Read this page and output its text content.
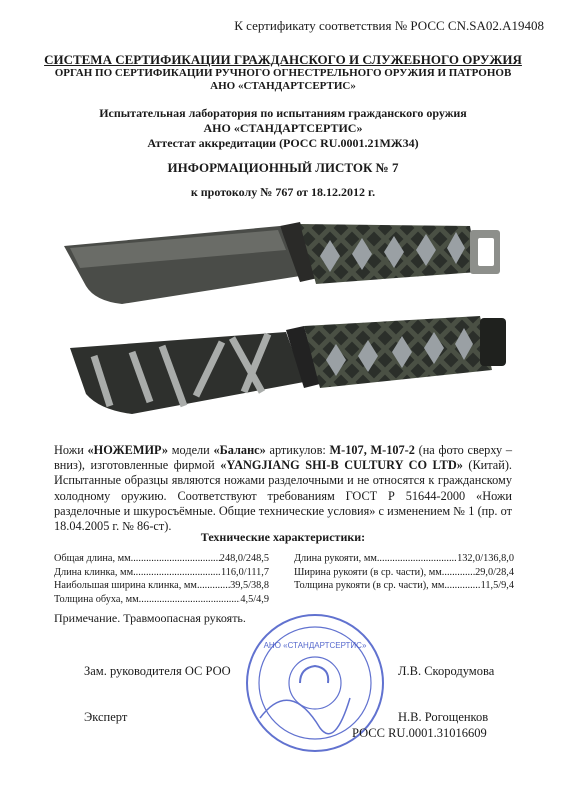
К сертификату соответствия № РОСС CN.SA02.A19408
СИСТЕМА СЕРТИФИКАЦИИ ГРАЖДАНСКОГО И СЛУЖЕБНОГО ОРУЖИЯ
ОРГАН ПО СЕРТИФИКАЦИИ РУЧНОГО ОГНЕСТРЕЛЬНОГО ОРУЖИЯ И ПАТРОНОВ
АНО «СТАНДАРТСЕРТИС»
Испытательная лаборатория по испытаниям гражданского оружия
АНО «СТАНДАРТСЕРТИС»
Аттестат аккредитации (РОСС RU.0001.21МЖ34)
ИНФОРМАЦИОННЫЙ ЛИСТОК № 7
к протоколу № 767 от 18.12.2012 г.
Ножи «НОЖЕМИР» модели «Баланс» артикулов: М-107, М-107-2 (на фото сверху – вниз), изготовленные фирмой «YANGJIANG SHI-B CULTURY CO LTD» (Китай). Испытанные образцы являются ножами разделочными и не относятся к гражданскому холодному оружию. Соответствуют требованиям ГОСТ Р 51644-2000 «Ножи разделочные и шкуросъёмные. Общие технические условия» с изменением № 1 (пр. от 18.04.2005 г. № 86-ст).
Технические характеристики:
Общая длина, мм .....	248,0/248,5
Длина клинка, мм .....	116,0/111,7
Наибольшая ширина клинка, мм .....	39,5/38,8
Толщина обуха, мм .....	4,5/4,9
Длина рукояти, мм .....	132,0/136,8,0
Ширина рукояти (в ср. части), мм .....	29,0/28,4
Толщина рукояти (в ср. части), мм .....	11,5/9,4
Примечание. Травмоопасная рукоять.
АНО «СТАНДАРТСЕРТИС»
Зам. руководителя ОС РОО	Л.В. Скородумова
Эксперт	Н.В. Рогощенков
РОСС RU.0001.31016609
